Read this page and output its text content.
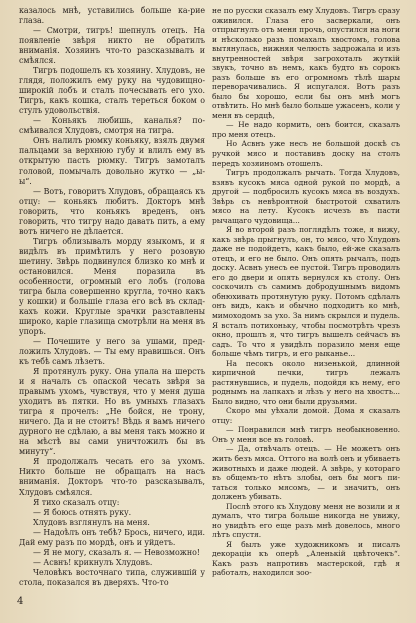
казалось мнѣ, уставились больше ка-рие глаза.

— Смотри, тигръ! шепнулъ отецъ. На появленіе звѣря никто не обратилъ вниманія. Хозяинъ что-то разсказывалъ и смѣялся.

Тигръ подошелъ къ хозяину. Хлудовъ, не глядя, положилъ ему руку на чудовищно-широкій лобъ и сталъ почесывать его ухо. Тигръ, какъ кошка, сталъ тереться боком о стулъ удовольствія.

— Коньякъ любишь, каналья? посмѣивался Хлудовъ, смотря на тигра.

Онъ налилъ рюмку коньяку, взялъ двумя пальцами за верхнюю губу и влилъ ему въ открытую пасть рюмку. Тигръ замоталъ головой, помычалъ довольно жутко — „ы-ы“.

— Вотъ, говоритъ Хлудовъ, обращаясь къ отцу: — коньякъ любитъ. Докторъ мнѣ говорить, что коньякъ вреденъ, онъ говорить, что тигру надо давать пить, а ему вотъ ничего не дѣлается.

Тигръ облизывалъ морду языкомъ, и я видѣлъ въ примѣтилъ у него розовую шетину. Звѣрь подвинулся близко ко мнѣ и остановился. Меня поразила въ особенности, огромный его лобъ (голова тигра была совершенно кругла, точно какъ у кошки) и большіе глаза его всѣ въ складкахъ кожи. Круглые зрачки разставлены широко, каріе глазища смотрѣли на меня въ упоръ.

— Почешите у него за ушами, предложилъ Хлудовъ. — Ты ему нравишься. Онъ къ тебѣ самъ лѣзетъ.

Я протянулъ руку. Она упала на шерсть и я началъ съ опаской чесать звѣря за правымъ ухомъ, чувствуя, что у меня душа уходитъ въ пятки. Но въ умныхъ глазахъ тигра я прочелъ: „Не бойся, не трону, ничего. Да и не стоитъ! Вѣдь я вамъ ничего дурного не сдѣлаю, а вы меня такъ можно и на мѣстѣ вы сами уничтожилъ бы въ минуту“.

Я продолжалъ чесать его за ухомъ. Никто больше не обращалъ на насъ вниманія. Докторъ что-то разсказывалъ, Хлудовъ смѣялся.

Я тихо сказалъ отцу:

— Я боюсь отнять руку.

Хлудовъ взглянулъ на меня.

— Надоѣлъ онъ тебѣ? Брось, ничего, иди. Дай ему разъ по мордѣ, онъ и уйдетъ.

— Я не могу, сказалъ я. — Невозможно!

— Асвнъ! крикнулъ Хлудовъ.

Человѣкъ восточнаго типа, служившій у стола, показался въ дверяхъ. Что-то

не по русски сказалъ ему Хлудовъ. Тигръ сразу оживился. Глаза его засверкали, онъ отпрыгнулъ отъ меня прочь, опустился на ноги и нѣсколько разъ помахалъ хвостомъ, голова вытянулась, нижняя челюсть задрожала и изъ внутренностей звѣря загрохоталъ жуткій звукъ, точно въ немъ, какъ будто въ сорокъ разъ больше въ его огромномъ тѣлѣ шары переворачивались. Я испугался. Вотъ разъ было бы хорошо, если бы онъ мнѣ могъ отвѣтить. Но мнѣ было больше ужасенъ, коли у меня въ сердцѣ,

— Не надо кормить, онъ боится, сказалъ про меня отецъ.

Но Асвнъ уже несъ не большой доскѣ съ ручкой мясо и поставивъ доску на столъ передъ хозяиномъ отошелъ.

Тигръ продолжалъ рычать. Тогда Хлудовъ, взявъ кусокъ мяса одной рукой по мордѣ, а другой — подбросилъ кусокъ мяса въ воздухъ. Звѣрь съ невѣроятной быстротой схватилъ мясо на лету. Кусокъ исчезъ въ пасти рычащаго чудовища...

Я во второй разъ поглядѣлъ тоже, я вижу, какъ звѣрь прыгнулъ, он, то мясо, что Хлудовъ даже не подойдетъ, какъ было, ей-же сказалъ отецъ, и его не было. Онъ опять рычалъ, подъ доску. Асвнъ унесъ ее пустой. Тигръ проводилъ его до двери и опять вернулся къ столу. Онъ соскочилъ съ самимъ добродушнымъ видомъ обнюхивать протянутую руку. Потомъ сдѣлалъ онъ видъ, какъ и обычно подходитъ ко мнѣ, мимоходомъ за ухо. За нимъ скрылся и пудель. Я всталъ потихоньку, чтобы посмотрѣть чрезъ окно, прошлъ я, что тигръ вышелъ сейчасъ въ садъ. То что я увидѣлъ поразило меня еще больше чѣмъ тигръ, и его рыканье...

На песокъ около низенькой, длинной кирпичной печки, тигръ лежалъ растянувшись, и пудель, подойдя къ нему, его роднымъ на лапкахъ и лѣзъ у него на хвостъ... Было видно, что они были друзьями.

Скоро мы уѣхали домой. Дома я сказалъ отцу:

— Понравился мнѣ тигръ необыкновенно. Онъ у меня все въ головѣ.

— Да, отвѣчалъ отецъ. — Не можетъ онъ жить безъ мяса. Оттого на волѣ онъ и убиваетъ животныхъ и даже людей. А звѣрь, у котораго въ общемъ-то нѣтъ злобы, онъ бы могъ питаться только мясомъ, — и значитъ, онъ долженъ убивать.

Послѣ этого къ Хлудову меня не возили и я думалъ, что тигра больше никогда не увижу, но увидѣть его еще разъ мнѣ довелось, много лѣтъ спустя.

Я былъ уже художникомъ и писалъ декораціи къ оперѣ „Аленькій цвѣточекъ“. Какъ разъ напротивъ мастерской, гдѣ я работалъ, находился зоо-

4
